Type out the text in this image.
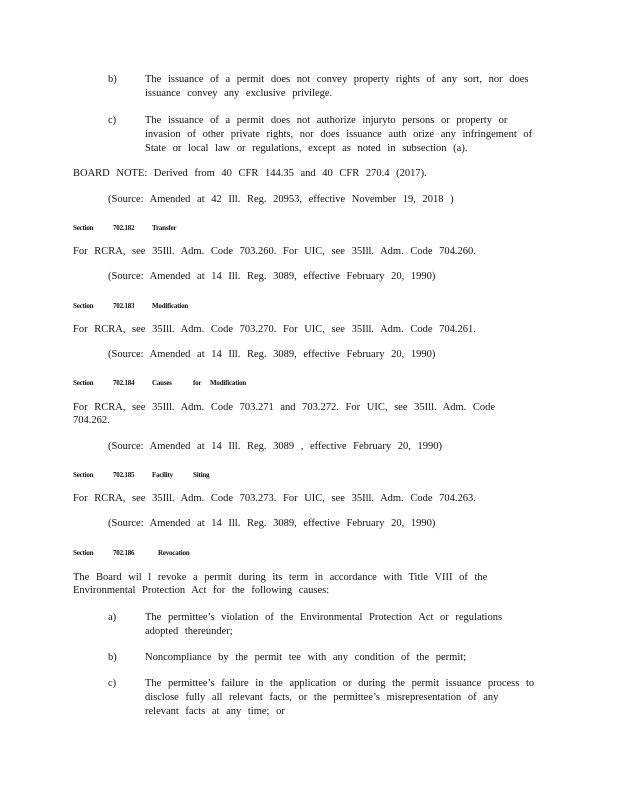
b)	The issuance of a permit does not convey property rights of any sort, nor does
issuance convey any exclusive privilege.
c)	The issuance of a permit does not authorize injuryto persons or property or
invasion of other private rights, nor does issuance auth orize any infringement of
State or local law or regulations, except as noted in subsection (a).
BOARD NOTE: Derived from 40 CFR 144.35 and 40 CFR 270.4 (2017).
(Source: Amended at 42 Ill. Reg. 20953, effective November 19, 2018 )
Section	702.182	Transfer
For RCRA, see 35Ill. Adm. Code 703.260. For UIC, see 35Ill. Adm. Code 704.260.
(Source: Amended at 14 Ill. Reg. 3089, effective February 20, 1990)
Section	702.183	Modification
For RCRA, see 35Ill. Adm. Code 703.270. For UIC, see 35Ill. Adm. Code 704.261.
(Source: Amended at 14 Ill. Reg. 3089, effective February 20, 1990)
Section	702.184	Causes	for Modification
For RCRA, see 35Ill. Adm. Code 703.271 and 703.272. For UIC, see 35Ill. Adm. Code
704.262.
(Source: Amended at 14 Ill. Reg. 3089 , effective February 20, 1990)
Section	702.185	Facility	Siting
For RCRA, see 35Ill. Adm. Code 703.273. For UIC, see 35Ill. Adm. Code 704.263.
(Source: Amended at 14 Ill. Reg. 3089, effective February 20, 1990)
Section	702.186	Revocation
The Board wil l revoke a permit during its term in accordance with Title VIII of the
Environmental Protection Act for the following causes:
a)	The permittee’s violation of the Environmental Protection Act or regulations
adopted thereunder;
b)	Noncompliance by the permit tee with any condition of the permit;
c)	The permittee’s failure in the application or during the permit issuance process to
disclose fully all relevant facts, or the permittee’s misrepresentation of any
relevant facts at any time; or
